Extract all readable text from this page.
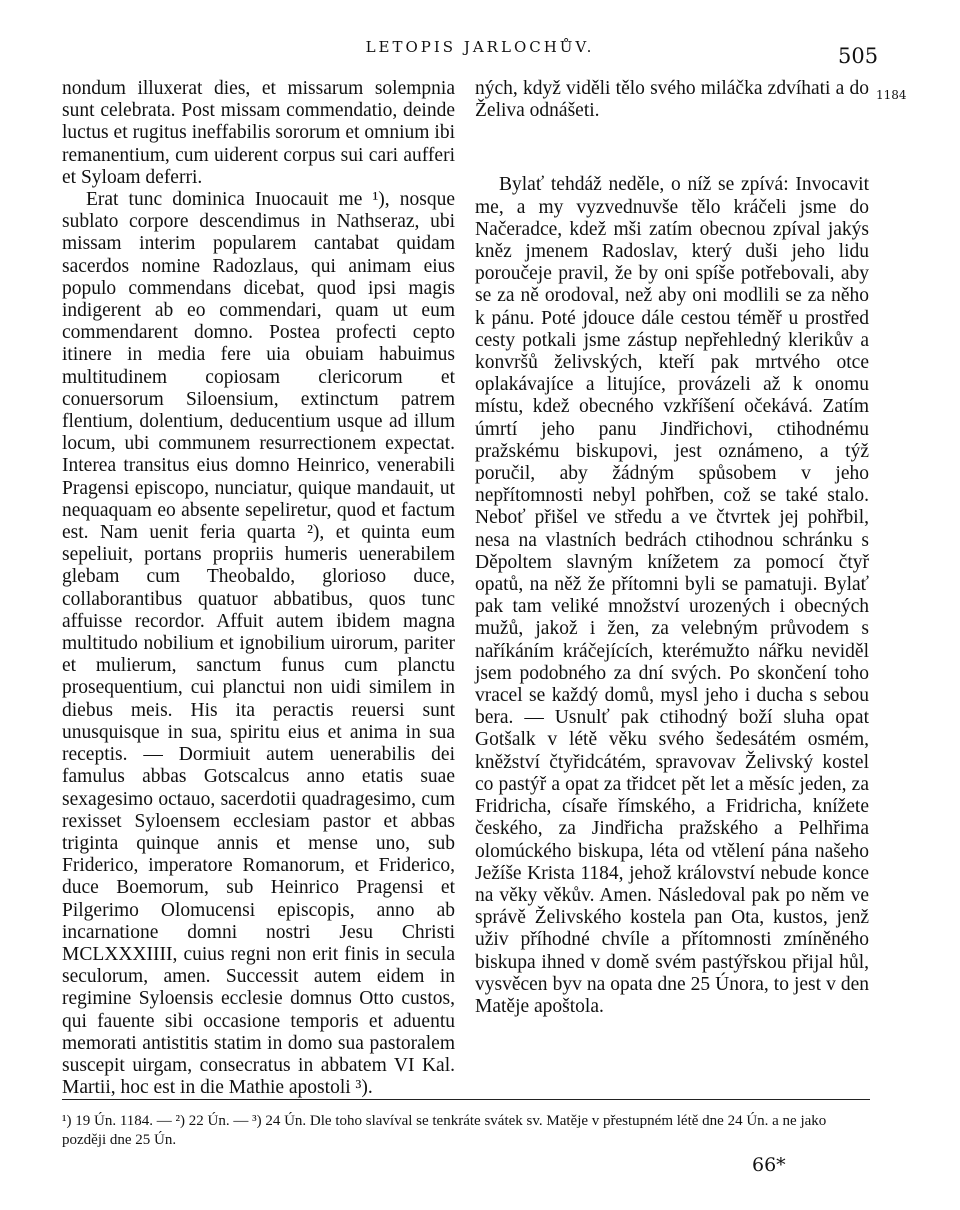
LETOPIS JARLOCHŮV.	505

nondum illuxerat dies, et missarum solempnia sunt celebrata. Post missam commendatio, deinde luctus et rugitus ineffabilis sororum et omnium ibi remanentium, cum uiderent corpus sui cari aufferi et Syloam deferri.

Erat tunc dominica Inuocauit me ¹), nosque sublato corpore descendimus in Nathseraz, ubi missam interim popularem cantabat quidam sacerdos nomine Radozlaus, qui animam eius populo commendans dicebat, quod ipsi magis indigerent ab eo commendari, quam ut eum commendarent domno. Postea profecti cepto itinere in media fere uia obuiam habuimus multitudinem copiosam clericorum et conuersorum Siloensium, extinctum patrem flentium, dolentium, deducentium usque ad illum locum, ubi communem resurrectionem expectat. Interea transitus eius domno Heinrico, venerabili Pragensi episcopo, nunciatur, quique mandauit, ut nequaquam eo absente sepeliretur, quod et factum est. Nam uenit feria quarta ²), et quinta eum sepeliuit, portans propriis humeris uenerabilem glebam cum Theobaldo, glorioso duce, collaborantibus quatuor abbatibus, quos tunc affuisse recordor. Affuit autem ibidem magna multitudo nobilium et ignobilium uirorum, pariter et mulierum, sanctum funus cum planctu prosequentium, cui planctui non uidi similem in diebus meis. His ita peractis reuersi sunt unusquisque in sua, spiritu eius et anima in sua receptis. — Dormiuit autem uenerabilis dei famulus abbas Gotscalcus anno etatis suae sexagesimo octauo, sacerdotii quadragesimo, cum rexisset Syloensem ecclesiam pastor et abbas triginta quinque annis et mense uno, sub Friderico, imperatore Romanorum, et Friderico, duce Boemorum, sub Heinrico Pragensi et Pilgerimo Olomucensi episcopis, anno ab incarnatione domni nostri Jesu Christi MCLXXXIIII, cuius regni non erit finis in secula seculorum, amen. Successit autem eidem in regimine Syloensis ecclesie domnus Otto custos, qui fauente sibi occasione temporis et aduentu memorati antistitis statim in domo sua pastoralem suscepit uirgam, consecratus in abbatem VI Kal. Martii, hoc est in die Mathie apostoli ³).

ných, když viděli tělo svého miláčka zdvíhati a do Želiva odnášeti.

Bylať tehdáž neděle, o níž se zpívá: Invocavit me, a my vyzvednuvše tělo kráčeli jsme do Načeradce, kdež mši zatím obecnou zpíval jakýs kněz jmenem Radoslav, který duši jeho lidu poroučeje pravil, že by oni spíše potřebovali, aby se za ně orodoval, než aby oni modlili se za něho k pánu. Poté jdouce dále cestou téměř u prostřed cesty potkali jsme zástup nepřehledný klerikův a konvršů želivských, kteří pak mrtvého otce oplakávajíce a litujíce, provázeli až k onomu místu, kdež obecného vzkříšení očekává. Zatím úmrtí jeho panu Jindřichovi, ctihodnému pražskému biskupovi, jest oznámeno, a týž poručil, aby žádným spůsobem v jeho nepřítomnosti nebyl pohřben, což se také stalo. Neboť přišel ve středu a ve čtvrtek jej pohřbil, nesa na vlastních bedrách ctihodnou schránku s Děpoltem slavným knížetem za pomocí čtyř opatů, na něž že přítomni byli se pamatuji. Bylať pak tam veliké množství urozených i obecných mužů, jakož i žen, za velebným průvodem s naříkáním kráčejících, kterémužto nářku neviděl jsem podobného za dní svých. Po skončení toho vracel se každý domů, mysl jeho i ducha s sebou bera. — Usnulť pak ctihodný boží sluha opat Gotšalk v létě věku svého šedesátém osmém, kněžství čtyřidcátém, spravovav Želivský kostel co pastýř a opat za třidcet pět let a měsíc jeden, za Fridricha, císaře římského, a Fridricha, knížete českého, za Jindřicha pražského a Pelhřima olomúckého biskupa, léta od vtělení pána našeho Ježíše Krista 1184, jehož království nebude konce na věky věkův. Amen. Následoval pak po něm ve správě Želivského kostela pan Ota, kustos, jenž uživ příhodné chvíle a přítomnosti zmíněného biskupa ihned v domě svém pastýřskou přijal hůl, vysvěcen byv na opata dne 25 Února, to jest v den Matěje apoštola.

1184

¹) 19 Ún. 1184. — ²) 22 Ún. — ³) 24 Ún. Dle toho slavíval se tenkráte svátek sv. Matěje v přestupném létě dne 24 Ún. a ne jako později dne 25 Ún.

66*
